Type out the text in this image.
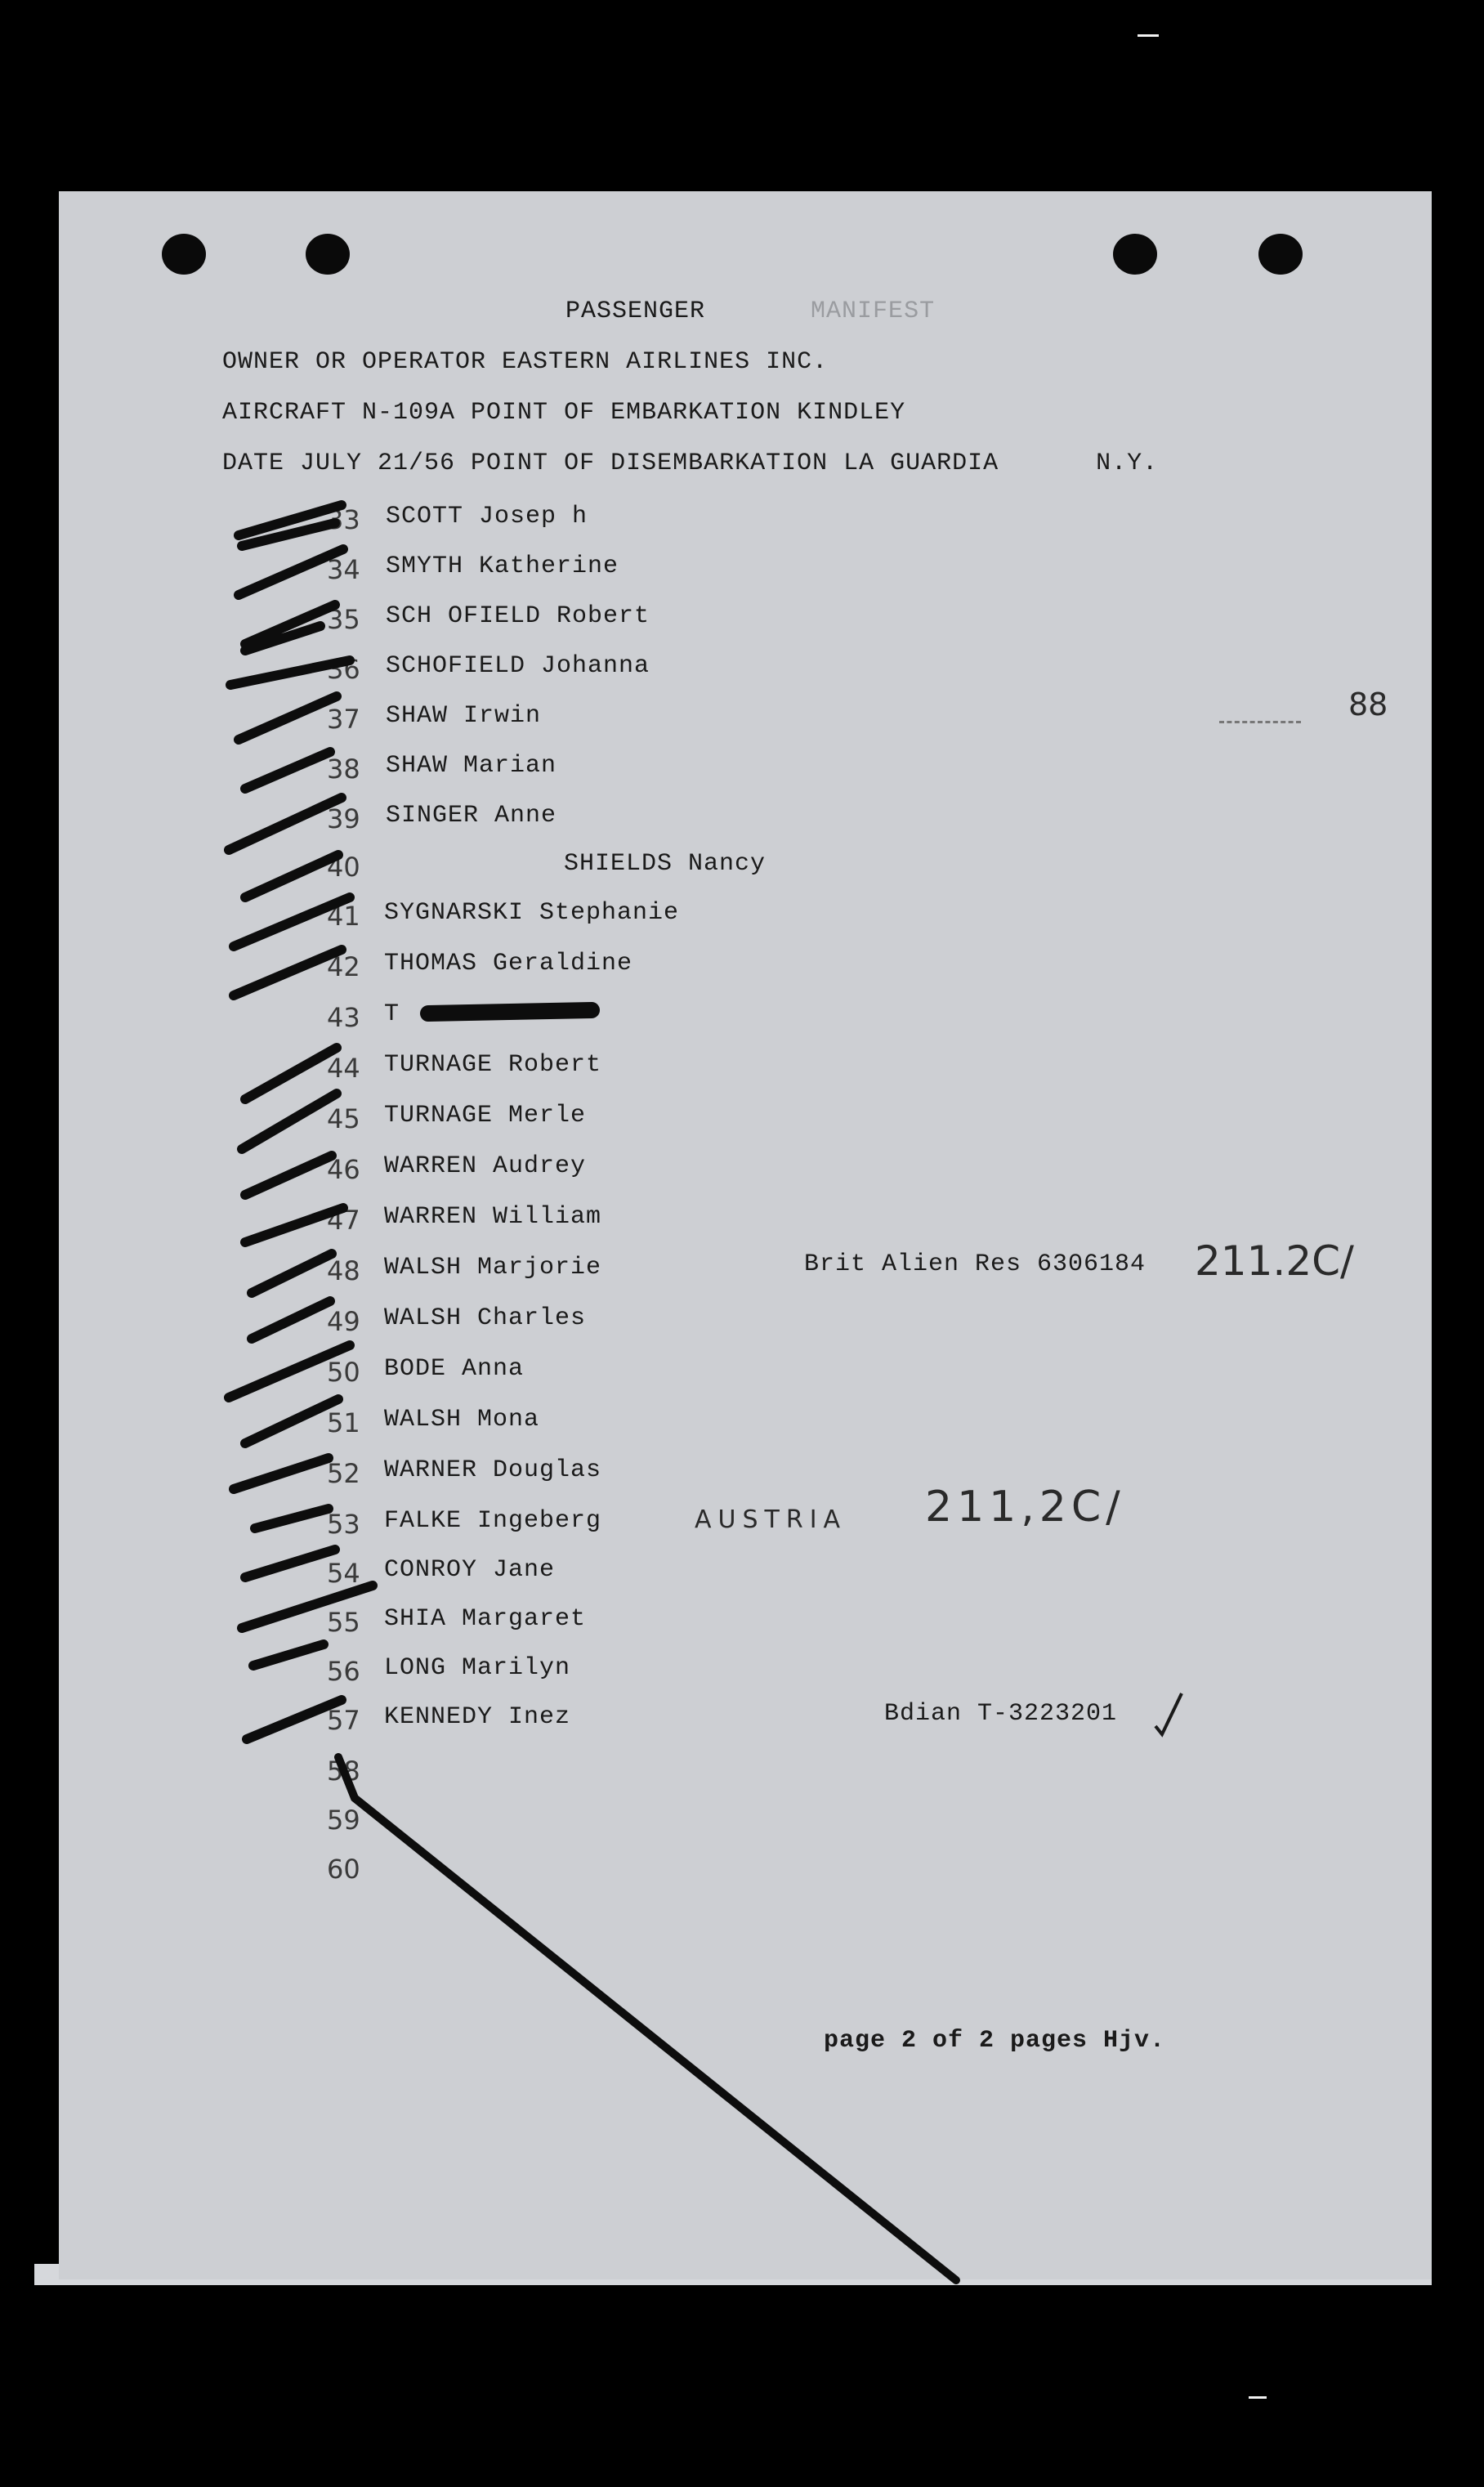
PASSENGER	MANIFEST
OWNER OR OPERATOR EASTERN AIRLINES INC.
AIRCRAFT N-109A POINT OF EMBARKATION KINDLEY
DATE JULY 21/56 POINT OF DISEMBARKATION LA GUARDIA	N.Y.
88
33 SCOTT Josep h
34 SMYTH Katherine
35 SCH OFIELD Robert
36 SCHOFIELD Johanna
37 SHAW Irwin
38 SHAW Marian
39 SINGER Anne
40	SHIELDS Nancy
41 SYGNARSKI Stephanie
42 THOMAS Geraldine
43 T
44 TURNAGE Robert
45 TURNAGE Merle
46 WARREN Audrey
47 WARREN William
48 WALSH Marjorie
49 WALSH Charles
50 BODE Anna
51 WALSH Mona
52 WARNER Douglas
53 FALKE Ingeberg
54 CONROY Jane
55 SHIA Margaret
56 LONG Marilyn
57 KENNEDY Inez
58
59
60
Brit Alien Res 6306184 211.2C/
AUSTRIA 211,2C/
Bdian T-3223201
page 2 of 2 pages Hjv.
